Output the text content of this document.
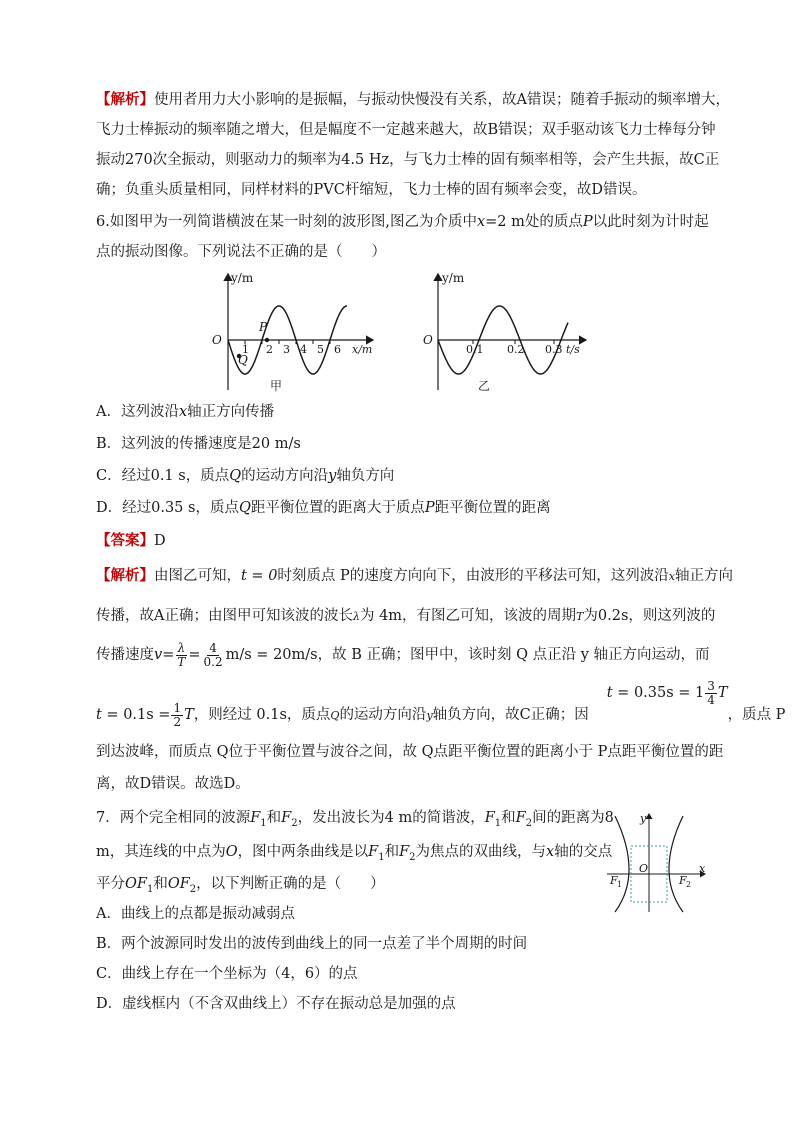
【解析】使用者用力大小影响的是振幅，与振动快慢没有关系，故A错误；随着手振动的频率增大，
飞力士棒振动的频率随之增大，但是幅度不一定越来越大，故B错误；双手驱动该飞力士棒每分钟
振动270次全振动，则驱动力的频率为4.5 Hz，与飞力士棒的固有频率相等，会产生共振，故C正
确；负重头质量相同，同样材料的PVC杆缩短，飞力士棒的固有频率会变，故D错误。
6.如图甲为一列简谐横波在某一时刻的波形图,图乙为介质中x=2 m处的质点P以此时刻为计时起
点的振动图像。下列说法不正确的是（　　）
y/m
O
P
Q
1 2 3 4 5 6 x/m
甲
y/m
O
0.1 0.2 0.3 t/s
乙
A．这列波沿x轴正方向传播
B．这列波的传播速度是20 m/s
C．经过0.1 s，质点Q的运动方向沿y轴负方向
D．经过0.35 s，质点Q距平衡位置的距离大于质点P距平衡位置的距离
【答案】D
【解析】由图乙可知，t = 0时刻质点 P的速度方向向下，由波形的平移法可知，这列波沿x轴正方向
传播，故A正确；由图甲可知该波的波长λ为 4m，有图乙可知，该波的周期T为0.2s，则这列波的
传播速度$v= \frac{\lambda}{T} = \frac{4}{0.2} m/s = 20m/s$，故 B 正确；图甲中，该时刻 Q 点正沿 y 轴正方向运动，而
$t = 0.1s = \frac{1}{2}$ T，则经过 0.1s，质点Q的运动方向沿y轴负方向，故C正确；因$t = 0.35s = 1 \frac{3}{4}$ T，质点 P
到达波峰，而质点 Q位于平衡位置与波谷之间，故 Q点距平衡位置的距离小于 P点距平衡位置的距
离，故D错误。故选D。
7．两个完全相同的波源$F_1$和$F_2$，发出波长为4 m的简谐波，$F_1$和$F_2$间的距离为8
m，其连线的中点为O，图中两条曲线是以$F_1$和$F_2$为焦点的双曲线，与x轴的交点
平分$OF_1$和$OF_2$，以下判断正确的是（　　）
y
x
O
F 1	F 2
A．曲线上的点都是振动减弱点
B．两个波源同时发出的波传到曲线上的同一点差了半个周期的时间
C．曲线上存在一个坐标为（4，6）的点
D．虚线框内（不含双曲线上）不存在振动总是加强的点
